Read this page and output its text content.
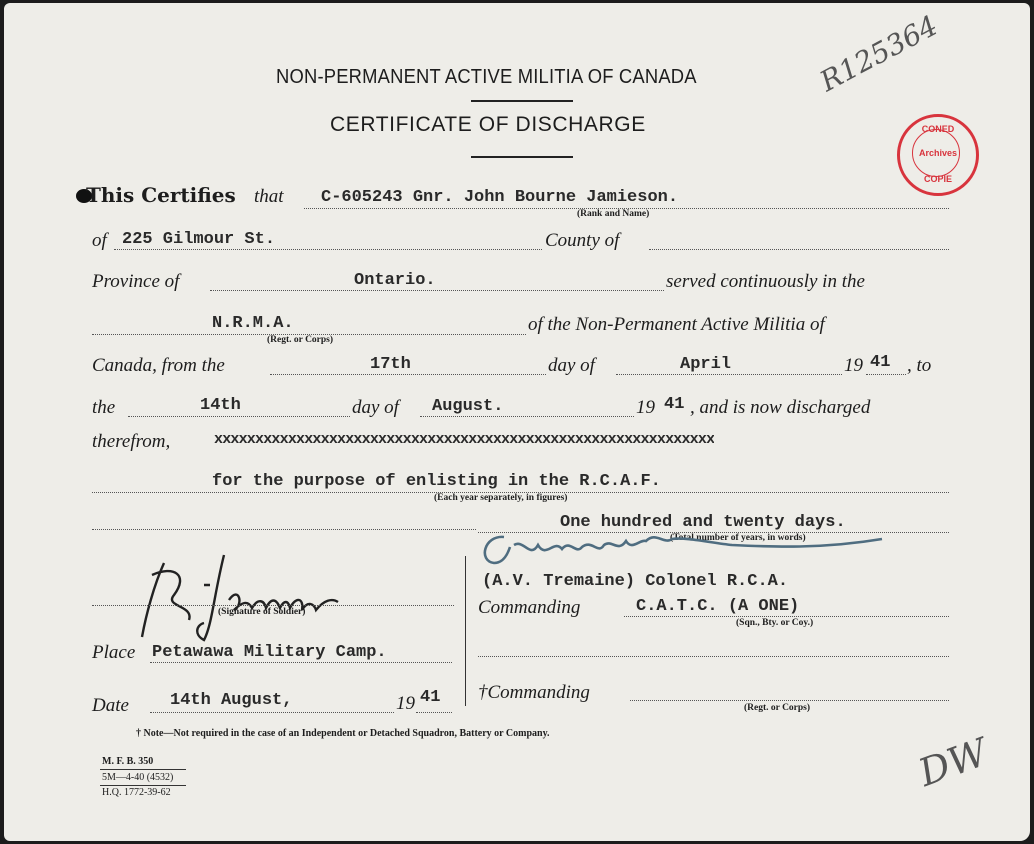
NON-PERMANENT ACTIVE MILITIA OF CANADA
CERTIFICATE OF DISCHARGE
R125364
CONED
Archives
COPIE
This Certifies that C-605243 Gnr. John Bourne Jamieson.
(Rank and Name)
of 225 Gilmour St.	County of
Province of	Ontario.	served continuously in the
N.R.M.A.
(Regt. or Corps)
of the Non-Permanent Active Militia of
Canada, from the	17th	day of	April	19 41 , to
the	14th	day of August.	19 41 , and is now discharged
therefrom,	xxxxxxxxxxxxxxxxxxxxxxxxxxxxxxxxxxxxxxxxxxxxxxxxxxxxxxxxxxxxx
for the purpose of enlisting in the R.C.A.F.
(Each year separately, in figures)
One hundred and twenty days.
(Total number of years, in words)
(Signature of Soldier)
(A.V. Tremaine) Colonel R.C.A.
Commanding	C.A.T.C. (A ONE)
(Sqn., Bty. or Coy.)
Place Petawawa Military Camp.
Date 14th August,	19 41 †Commanding
(Regt. or Corps)
† Note—Not required in the case of an Independent or Detached Squadron, Battery or Company.
M. F. B. 350
5M—4-40 (4532)
H.Q. 1772-39-62	DW
